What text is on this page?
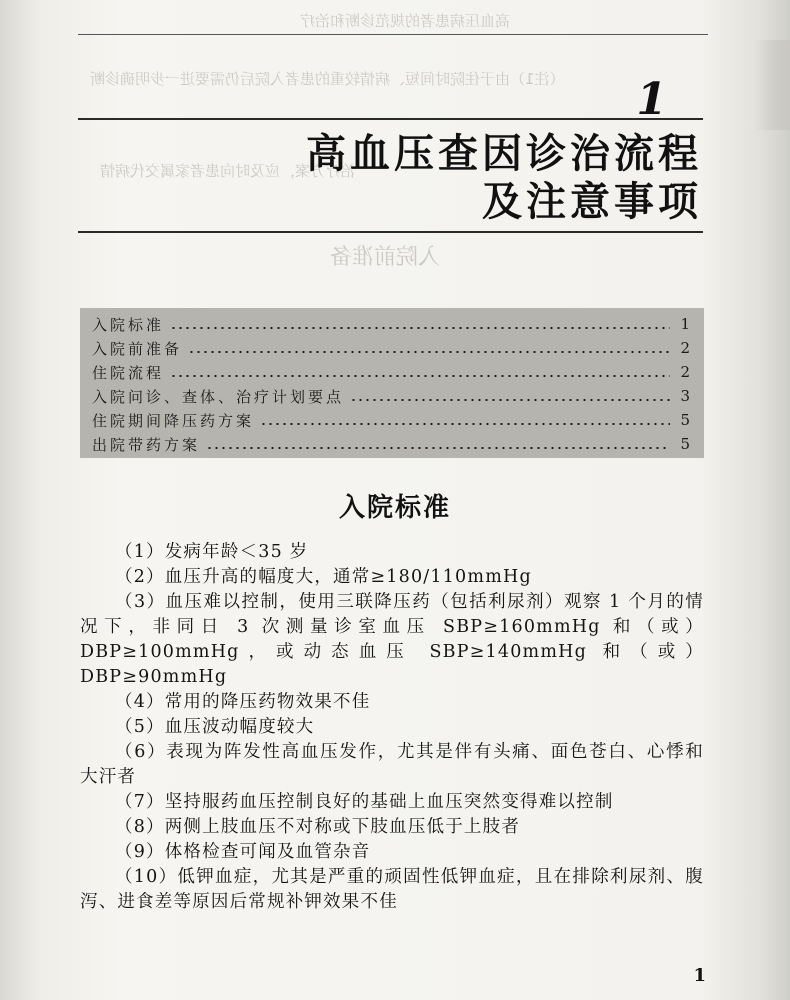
高血压病患者的规范诊断和治疗
（注1）由于住院时间短、病情较重的患者入院后仍需要进一步明确诊断
治疗方案，应及时向患者家属交代病情
入院前准备
1
高血压查因诊治流程
及注意事项
入院标准	1
入院前准备	2
住院流程	2
入院问诊、查体、治疗计划要点	3
住院期间降压药方案	5
出院带药方案	5
入院标准

（1）发病年龄＜35 岁

（2）血压升高的幅度大，通常≥180/110mmHg

（3）血压难以控制，使用三联降压药（包括利尿剂）观察 1 个月的情况下，非同日 3 次测量诊室血压 SBP≥160mmHg 和（或）DBP≥100mmHg，或动态血压 SBP≥140mmHg 和（或）DBP≥90mmHg

（4）常用的降压药物效果不佳

（5）血压波动幅度较大

（6）表现为阵发性高血压发作，尤其是伴有头痛、面色苍白、心悸和大汗者

（7）坚持服药血压控制良好的基础上血压突然变得难以控制

（8）两侧上肢血压不对称或下肢血压低于上肢者

（9）体格检查可闻及血管杂音

（10）低钾血症，尤其是严重的顽固性低钾血症，且在排除利尿剂、腹泻、进食差等原因后常规补钾效果不佳

1
